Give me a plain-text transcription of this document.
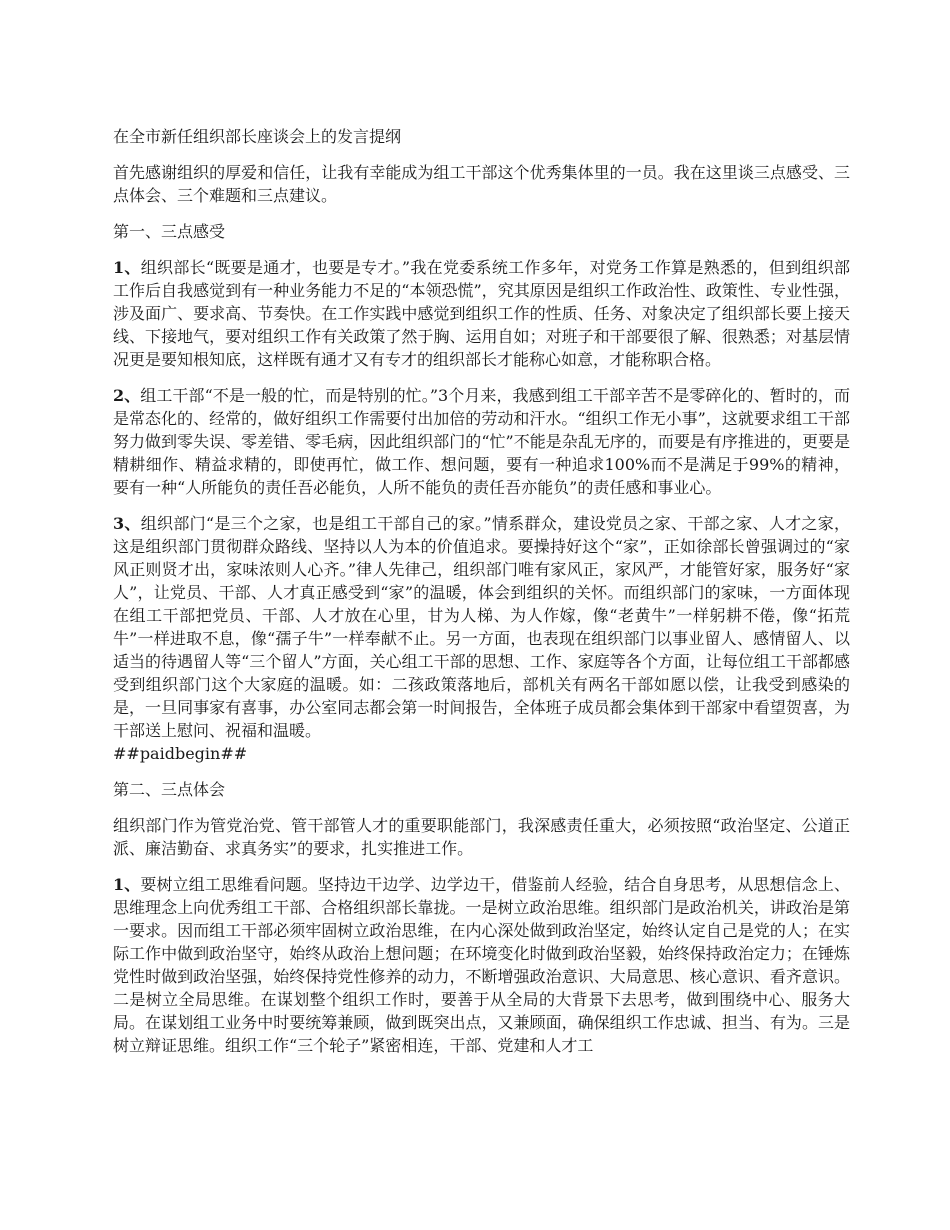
在全市新任组织部长座谈会上的发言提纲

首先感谢组织的厚爱和信任，让我有幸能成为组工干部这个优秀集体里的一员。我在这里谈三点感受、三点体会、三个难题和三点建议。

第一、三点感受

1、组织部长“既要是通才，也要是专才。”我在党委系统工作多年，对党务工作算是熟悉的，但到组织部工作后自我感觉到有一种业务能力不足的“本领恐慌”，究其原因是组织工作政治性、政策性、专业性强，涉及面广、要求高、节奏快。在工作实践中感觉到组织工作的性质、任务、对象决定了组织部长要上接天线、下接地气，要对组织工作有关政策了然于胸、运用自如；对班子和干部要很了解、很熟悉；对基层情况更是要知根知底，这样既有通才又有专才的组织部长才能称心如意，才能称职合格。

2、组工干部“不是一般的忙，而是特别的忙。”3个月来，我感到组工干部辛苦不是零碎化的、暂时的，而是常态化的、经常的，做好组织工作需要付出加倍的劳动和汗水。“组织工作无小事”，这就要求组工干部努力做到零失误、零差错、零毛病，因此组织部门的“忙”不能是杂乱无序的，而要是有序推进的，更要是精耕细作、精益求精的，即使再忙，做工作、想问题，要有一种追求100%而不是满足于99%的精神，要有一种“人所能负的责任吾必能负，人所不能负的责任吾亦能负”的责任感和事业心。

3、组织部门“是三个之家，也是组工干部自己的家。”情系群众，建设党员之家、干部之家、人才之家，这是组织部门贯彻群众路线、坚持以人为本的价值追求。要操持好这个“家”，正如徐部长曾强调过的“家风正则贤才出，家味浓则人心齐。”律人先律己，组织部门唯有家风正，家风严，才能管好家，服务好“家人”，让党员、干部、人才真正感受到“家”的温暖，体会到组织的关怀。而组织部门的家味，一方面体现在组工干部把党员、干部、人才放在心里，甘为人梯、为人作嫁，像“老黄牛”一样躬耕不倦，像“拓荒牛”一样进取不息，像“孺子牛”一样奉献不止。另一方面，也表现在组织部门以事业留人、感情留人、以适当的待遇留人等“三个留人”方面，关心组工干部的思想、工作、家庭等各个方面，让每位组工干部都感受到组织部门这个大家庭的温暖。如：二孩政策落地后，部机关有两名干部如愿以偿，让我受到感染的是，一旦同事家有喜事，办公室同志都会第一时间报告，全体班子成员都会集体到干部家中看望贺喜，为干部送上慰问、祝福和温暖。

##paidbegin##

第二、三点体会

组织部门作为管党治党、管干部管人才的重要职能部门，我深感责任重大，必须按照“政治坚定、公道正派、廉洁勤奋、求真务实”的要求，扎实推进工作。

1、要树立组工思维看问题。坚持边干边学、边学边干，借鉴前人经验，结合自身思考，从思想信念上、思维理念上向优秀组工干部、合格组织部长靠拢。一是树立政治思维。组织部门是政治机关，讲政治是第一要求。因而组工干部必须牢固树立政治思维，在内心深处做到政治坚定，始终认定自己是党的人；在实际工作中做到政治坚守，始终从政治上想问题；在环境变化时做到政治坚毅，始终保持政治定力；在锤炼党性时做到政治坚强，始终保持党性修养的动力，不断增强政治意识、大局意思、核心意识、看齐意识。二是树立全局思维。在谋划整个组织工作时，要善于从全局的大背景下去思考，做到围绕中心、服务大局。在谋划组工业务中时要统筹兼顾，做到既突出点，又兼顾面，确保组织工作忠诚、担当、有为。三是树立辩证思维。组织工作“三个轮子”紧密相连，干部、党建和人才工
